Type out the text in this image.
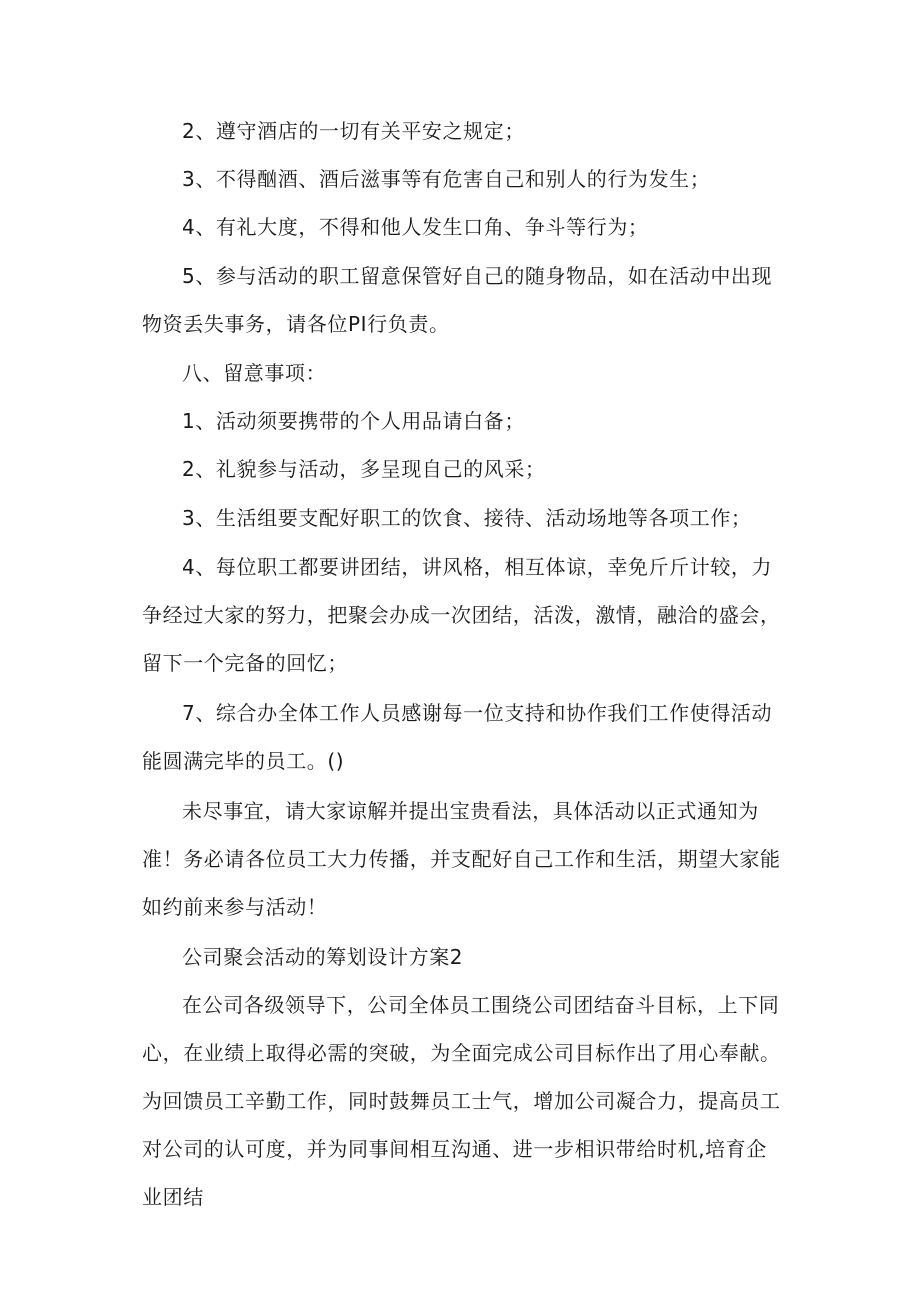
2、遵守酒店的一切有关平安之规定；

3、不得酗酒、酒后滋事等有危害自己和别人的行为发生；

4、有礼大度，不得和他人发生口角、争斗等行为；

5、参与活动的职工留意保管好自己的随身物品，如在活动中出现物资丢失事务，请各位PI行负责。

八、留意事项：

1、活动须要携带的个人用品请白备；

2、礼貌参与活动，多呈现自己的风采；

3、生活组要支配好职工的饮食、接待、活动场地等各项工作；

4、每位职工都要讲团结，讲风格，相互体谅，幸免斤斤计较，力争经过大家的努力，把聚会办成一次团结，活泼，激情，融洽的盛会，留下一个完备的回忆；

7、综合办全体工作人员感谢每一位支持和协作我们工作使得活动能圆满完毕的员工。()

未尽事宜，请大家谅解并提出宝贵看法，具体活动以正式通知为准！务必请各位员工大力传播，并支配好自己工作和生活，期望大家能如约前来参与活动！

公司聚会活动的筹划设计方案2

在公司各级领导下，公司全体员工围绕公司团结奋斗目标，上下同心，在业绩上取得必需的突破，为全面完成公司目标作出了用心奉献。为回馈员工辛勤工作，同时鼓舞员工士气，增加公司凝合力，提高员工对公司的认可度，并为同事间相互沟通、进一步相识带给时机,培育企业团结
